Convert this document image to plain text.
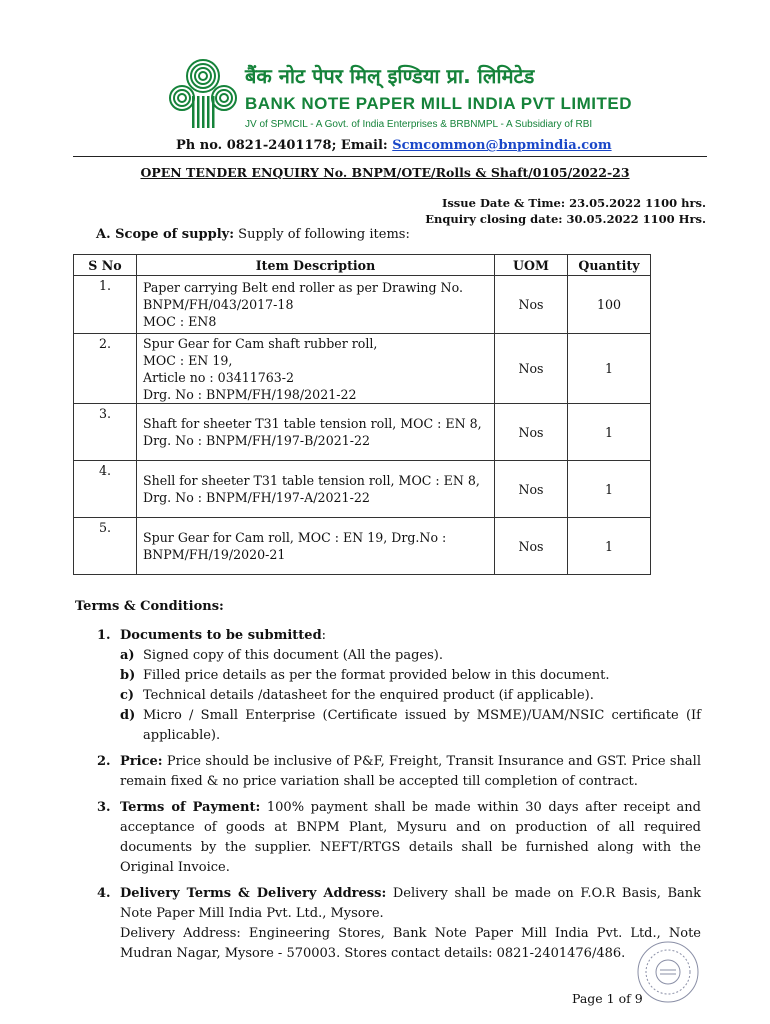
बैंक नोट पेपर मिल् इण्डिया प्रा. लिमिटेड
BANK NOTE PAPER MILL INDIA PVT LIMITED
JV of SPMCIL - A Govt. of India Enterprises & BRBNMPL - A Subsidiary of RBI
Ph no. 0821-2401178; Email: Scmcommon@bnpmindia.com
OPEN TENDER ENQUIRY No. BNPM/OTE/Rolls & Shaft/0105/2022-23
Issue Date & Time: 23.05.2022 1100 hrs.
Enquiry closing date: 30.05.2022 1100 Hrs.
A. Scope of supply: Supply of following items:
S No	Item Description	UOM	Quantity
1.	Paper carrying Belt end roller as per Drawing No.
BNPM/FH/043/2017-18
MOC : EN8	Nos	100
2.	Spur Gear for Cam shaft rubber roll,
MOC : EN 19,
Article no : 03411763-2
Drg. No : BNPM/FH/198/2021-22	Nos	1
3.	Shaft for sheeter T31 table tension roll, MOC : EN 8,
Drg. No : BNPM/FH/197-B/2021-22	Nos	1
4.	Shell for sheeter T31 table tension roll, MOC : EN 8,
Drg. No : BNPM/FH/197-A/2021-22	Nos	1
5.	Spur Gear for Cam roll, MOC : EN 19, Drg.No :
BNPM/FH/19/2020-21	Nos	1
Terms & Conditions:
1. Documents to be submitted:
a) Signed copy of this document (All the pages).
b) Filled price details as per the format provided below in this document.
c) Technical details /datasheet for the enquired product (if applicable).
d) Micro / Small Enterprise (Certificate issued by MSME)/UAM/NSIC certificate (If applicable).
2. Price: Price should be inclusive of P&F, Freight, Transit Insurance and GST. Price shall remain fixed & no price variation shall be accepted till completion of contract.
3. Terms of Payment: 100% payment shall be made within 30 days after receipt and acceptance of goods at BNPM Plant, Mysuru and on production of all required documents by the supplier. NEFT/RTGS details shall be furnished along with the Original Invoice.
4. Delivery Terms & Delivery Address: Delivery shall be made on F.O.R Basis, Bank Note Paper Mill India Pvt. Ltd., Mysore.
Delivery Address: Engineering Stores, Bank Note Paper Mill India Pvt. Ltd., Note Mudran Nagar, Mysore - 570003. Stores contact details: 0821-2401476/486.
Page 1 of 9
